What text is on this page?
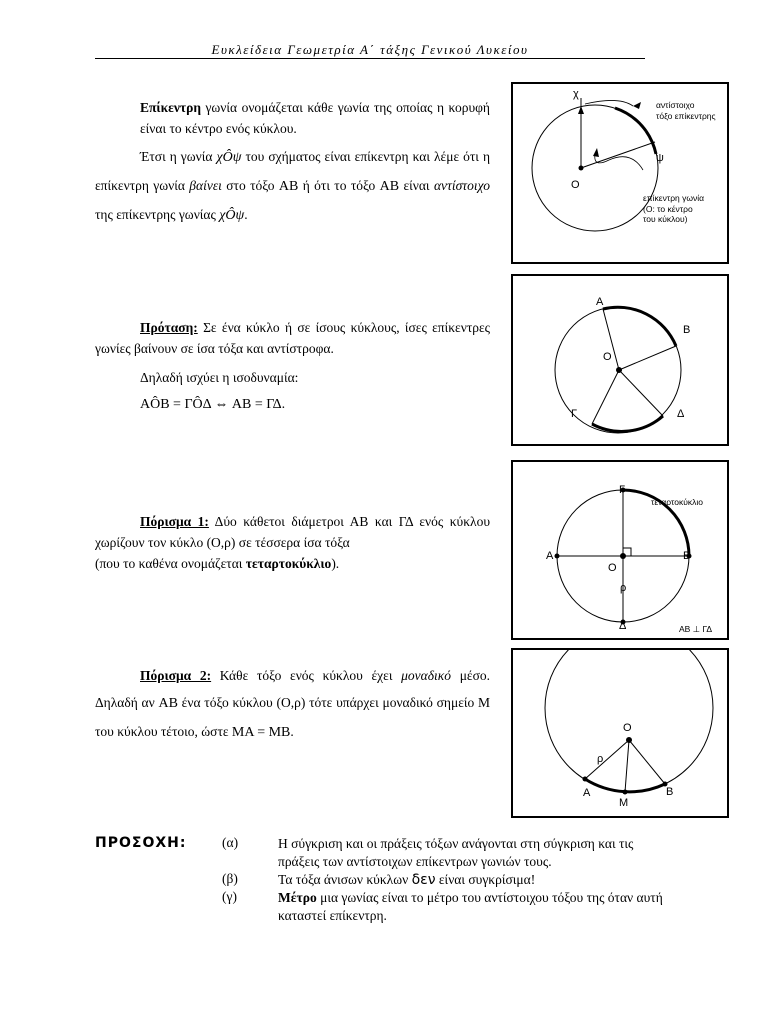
Ευκλείδεια Γεωμετρία Α΄ τάξης Γενικού Λυκείου
Επίκεντρη γωνία ονομάζεται κάθε γωνία της οποίας η κορυφή είναι το κέντρο ενός κύκλου.
Έτσι η γωνία χÔψ του σχήματος είναι επίκεντρη και λέμε ότι η επίκεντρη γωνία βαίνει στο τόξο AB ή ότι το τόξο AB είναι αντίστοιχο της επίκεντρης γωνίας χÔψ.
χ
ψ
Ο
αντίστοιχο
τόξο επίκεντρης
επίκεντρη γωνία
(Ο: το κέντρο
του κύκλου)
Πρόταση: Σε ένα κύκλο ή σε ίσους κύκλους, ίσες επίκεντρες γωνίες βαίνουν σε ίσα τόξα και αντίστροφα.
Δηλαδή ισχύει η ισοδυναμία:
AÔB = ΓÔΔ ⇔ AB = ΓΔ.
Α
Β
Ο
Γ	Δ
Πόρισμα 1: Δύο κάθετοι διάμετροι ΑΒ και ΓΔ ενός κύκλου χωρίζουν τον κύκλο (Ο,ρ) σε τέσσερα ίσα τόξα
(που το καθένα ονομάζεται τεταρτοκύκλιο).
Γ
Α	Β
Ο
ρ
Δ
τεταρτοκύκλιο
ΑΒ ⊥ ΓΔ
Πόρισμα 2: Κάθε τόξο ενός κύκλου έχει μοναδικό μέσο. Δηλαδή αν AB ένα τόξο κύκλου (Ο,ρ) τότε υπάρχει μοναδικό σημείο Μ του κύκλου τέτοιο, ώστε MA = MB.	Ο
ρ
Α
Μ
Β
ΠΡΟΣΟΧΗ:	(α)	Η σύγκριση και οι πράξεις τόξων ανάγονται στη σύγκριση και τις πράξεις των αντίστοιχων επίκεντρων γωνιών τους.
(β)	Τα τόξα άνισων κύκλων δεν είναι συγκρίσιμα!
(γ)	Μέτρο μια γωνίας είναι το μέτρο του αντίστοιχου τόξου της όταν αυτή καταστεί επίκεντρη.
